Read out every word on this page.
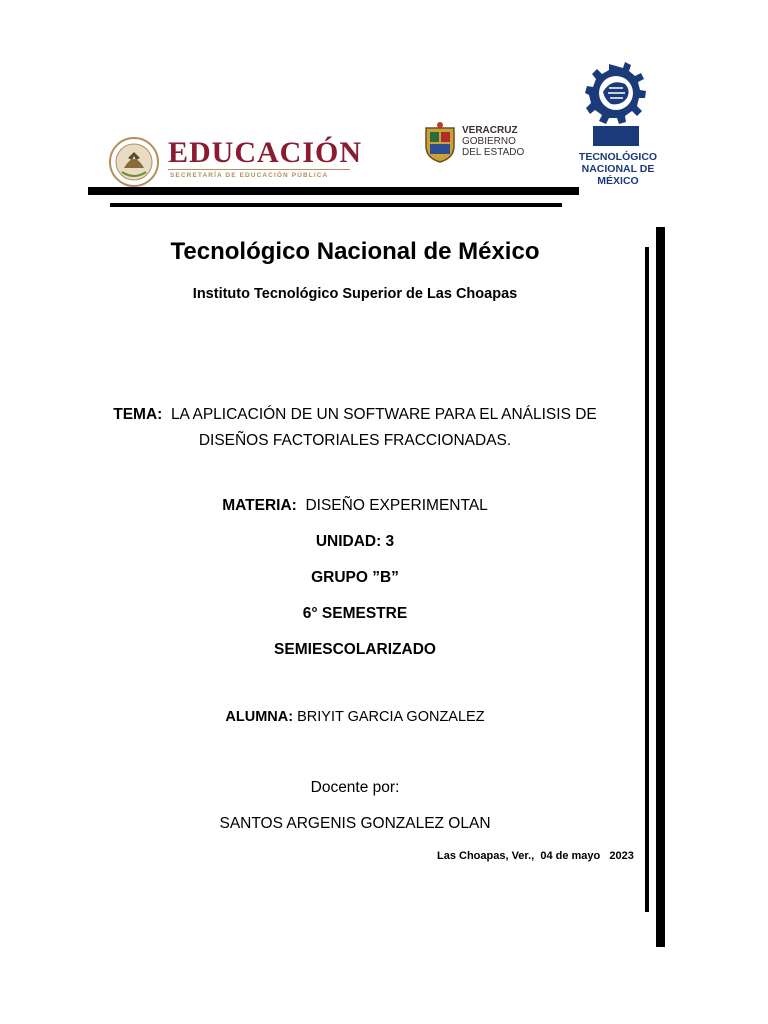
EDUCACIÓN
SECRETARÍA DE EDUCACIÓN PÚBLICA
VERACRUZ
GOBIERNO
DEL ESTADO	TECNOLÓGICO
NACIONAL DE MÉXICO
Tecnológico Nacional de México
Instituto Tecnológico Superior de Las Choapas
TEMA: LA APLICACIÓN DE UN SOFTWARE PARA EL ANÁLISIS DE
DISEÑOS FACTORIALES FRACCIONADAS.
MATERIA: DISEÑO EXPERIMENTAL
UNIDAD: 3
GRUPO ”B”
6° SEMESTRE
SEMIESCOLARIZADO
ALUMNA: BRIYIT GARCIA GONZALEZ
Docente por:
SANTOS ARGENIS GONZALEZ OLAN
Las Choapas, Ver.,  04 de mayo   2023
